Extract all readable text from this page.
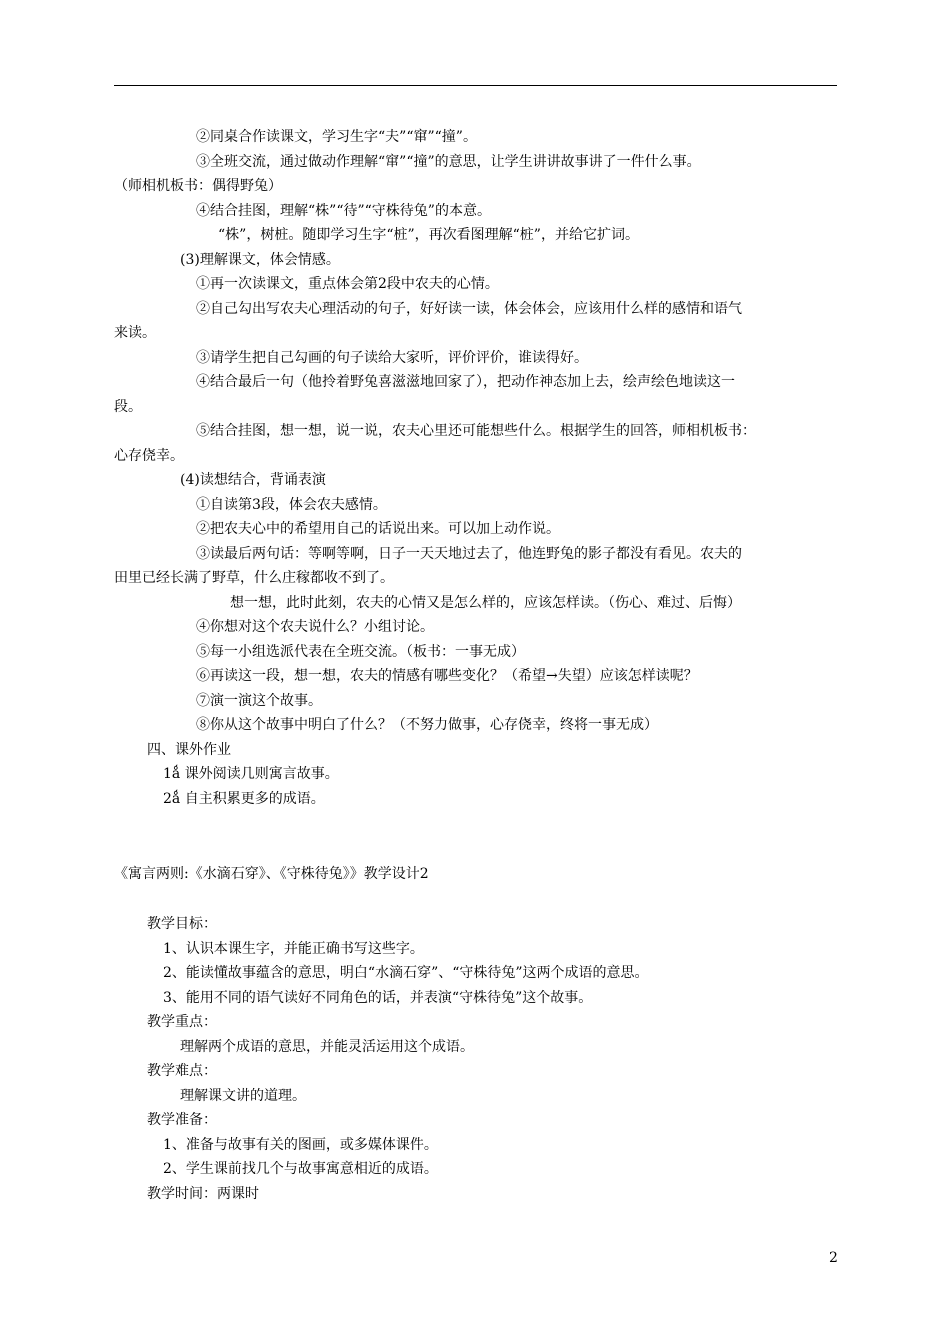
②同桌合作读课文，学习生字“夫”“窜”“撞”。
③全班交流，通过做动作理解“窜”“撞”的意思，让学生讲讲故事讲了一件什么事。
（师相机板书：偶得野兔）
④结合挂图，理解“株”“待”“守株待兔”的本意。
“株”，树桩。随即学习生字“桩”，再次看图理解“桩”，并给它扩词。
(3)理解课文，体会情感。
①再一次读课文，重点体会第2段中农夫的心情。
②自己勾出写农夫心理活动的句子，好好读一读，体会体会，应该用什么样的感情和语气
来读。
③请学生把自己勾画的句子读给大家听，评价评价，谁读得好。
④结合最后一句（他拎着野兔喜滋滋地回家了），把动作神态加上去，绘声绘色地读这一
段。
⑤结合挂图，想一想，说一说，农夫心里还可能想些什么。根据学生的回答，师相机板书：
心存侥幸。
(4)读想结合，背诵表演
①自读第3段，体会农夫感情。
②把农夫心中的希望用自己的话说出来。可以加上动作说。
③读最后两句话：等啊等啊，日子一天天地过去了，他连野兔的影子都没有看见。农夫的
田里已经长满了野草，什么庄稼都收不到了。
想一想，此时此刻，农夫的心情又是怎么样的，应该怎样读。（伤心、难过、后悔）
④你想对这个农夫说什么？小组讨论。
⑤每一小组选派代表在全班交流。（板书：一事无成）
⑥再读这一段，想一想，农夫的情感有哪些变化？（希望→失望）应该怎样读呢？
⑦演一演这个故事。
⑧你从这个故事中明白了什么？（不努力做事，心存侥幸，终将一事无成）
四、课外作业
1ǻ 课外阅读几则寓言故事。
2ǻ 自主积累更多的成语。
《寓言两则:《水滴石穿》、《守株待兔》》教学设计2
教学目标：
1、认识本课生字，并能正确书写这些字。
2、能读懂故事蕴含的意思，明白“水滴石穿”、“守株待兔”这两个成语的意思。
3、能用不同的语气读好不同角色的话，并表演“守株待兔”这个故事。
教学重点：
理解两个成语的意思，并能灵活运用这个成语。
教学难点：
理解课文讲的道理。
教学准备：
1、准备与故事有关的图画，或多媒体课件。
2、学生课前找几个与故事寓意相近的成语。
教学时间：两课时
2
